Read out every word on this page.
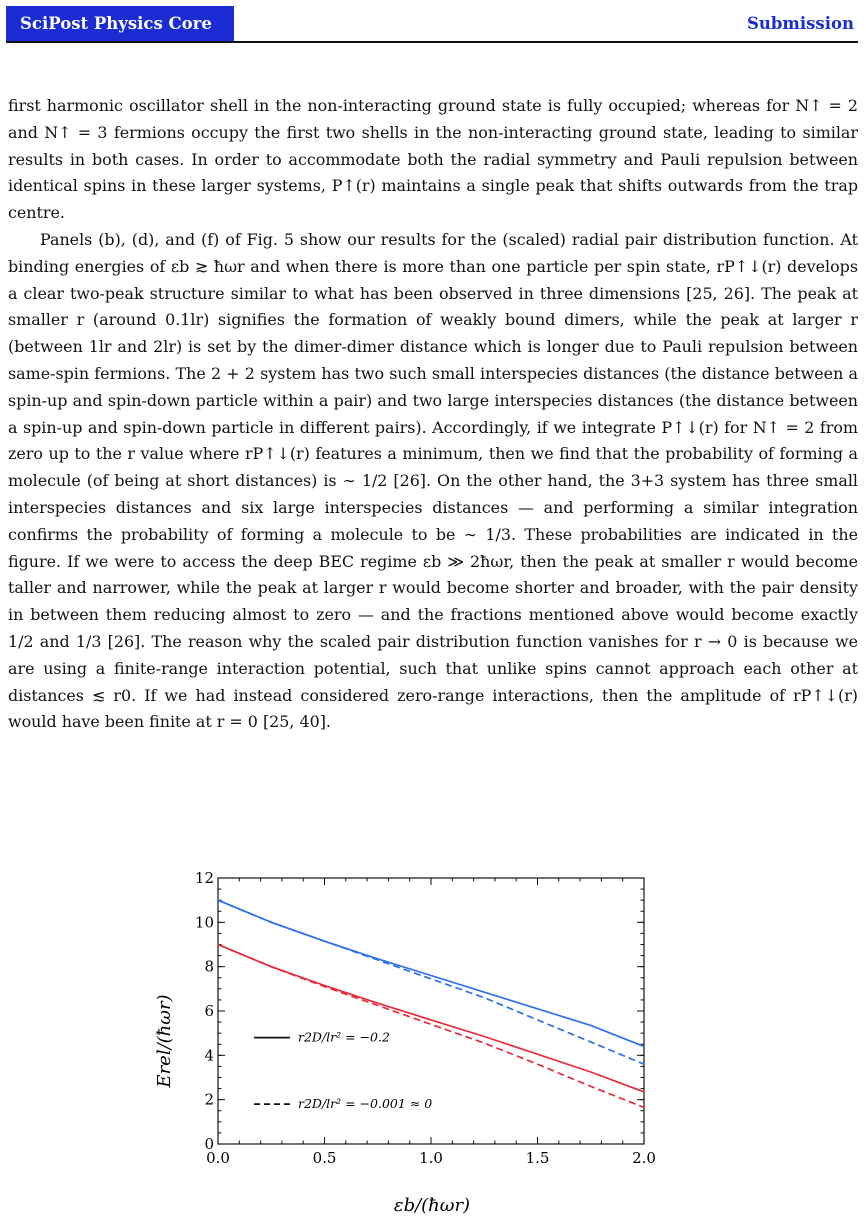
SciPost Physics Core	Submission

first harmonic oscillator shell in the non-interacting ground state is fully occupied; whereas for N↑ = 2 and N↑ = 3 fermions occupy the first two shells in the non-interacting ground state, leading to similar results in both cases. In order to accommodate both the radial symmetry and Pauli repulsion between identical spins in these larger systems, P↑(r) maintains a single peak that shifts outwards from the trap centre.

Panels (b), (d), and (f) of Fig. 5 show our results for the (scaled) radial pair distribution function. At binding energies of εb ≳ ħωr and when there is more than one particle per spin state, rP↑↓(r) develops a clear two-peak structure similar to what has been observed in three dimensions [25, 26]. The peak at smaller r (around 0.1lr) signifies the formation of weakly bound dimers, while the peak at larger r (between 1lr and 2lr) is set by the dimer-dimer distance which is longer due to Pauli repulsion between same-spin fermions. The 2 + 2 system has two such small interspecies distances (the distance between a spin-up and spin-down particle within a pair) and two large interspecies distances (the distance between a spin-up and spin-down particle in different pairs). Accordingly, if we integrate P↑↓(r) for N↑ = 2 from zero up to the r value where rP↑↓(r) features a minimum, then we find that the probability of forming a molecule (of being at short distances) is ∼ 1/2 [26]. On the other hand, the 3+3 system has three small interspecies distances and six large interspecies distances — and performing a similar integration confirms the probability of forming a molecule to be ∼ 1/3. These probabilities are indicated in the figure. If we were to access the deep BEC regime εb ≫ 2ħωr, then the peak at smaller r would become taller and narrower, while the peak at larger r would become shorter and broader, with the pair density in between them reducing almost to zero — and the fractions mentioned above would become exactly 1/2 and 1/3 [26]. The reason why the scaled pair distribution function vanishes for r → 0 is because we are using a finite-range interaction potential, such that unlike spins cannot approach each other at distances ≲ r0. If we had instead considered zero-range interactions, then the amplitude of rP↑↓(r) would have been finite at r = 0 [25, 40].

0.0	0.5	1.0	1.5	2.0
0
2
4
6
8
10
12
r2D/lr² = −0.2
r2D/lr² = −0.001 ≈ 0
εb/(ħωr)
Erel/(ħωr)
